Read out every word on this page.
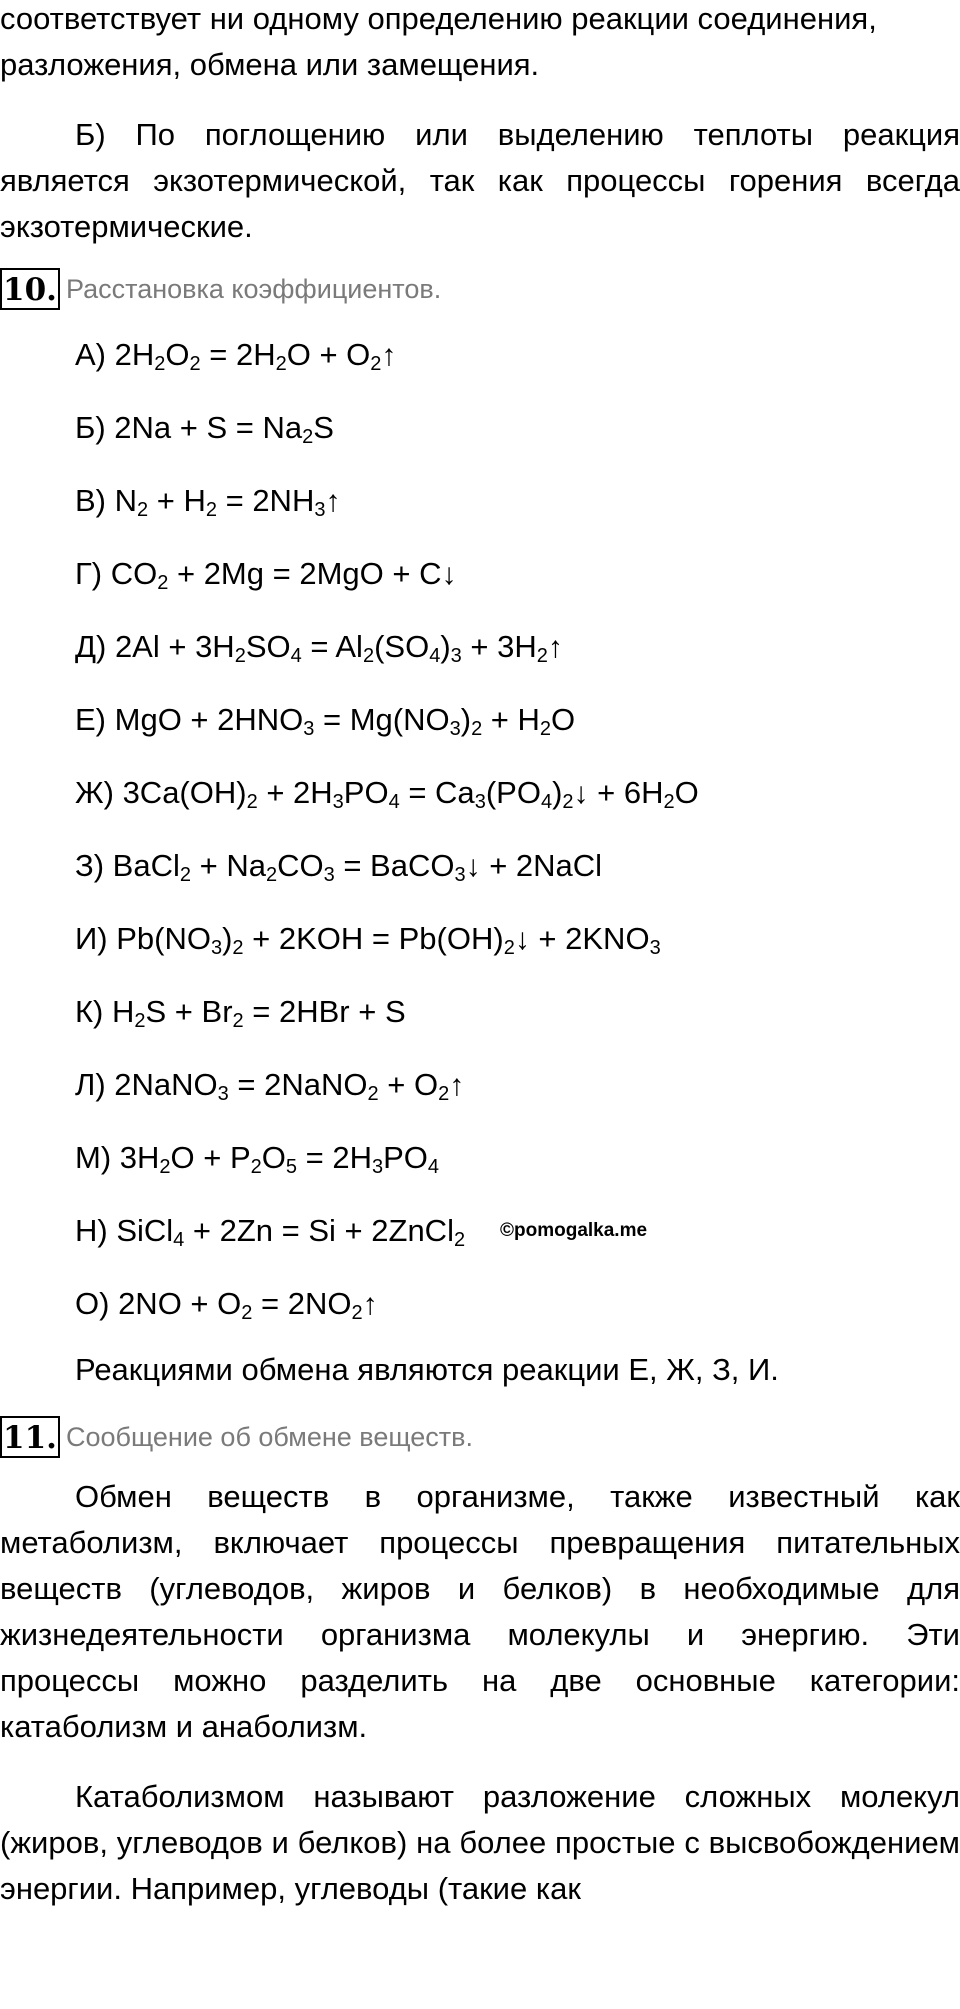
соответствует ни одному определению реакции соединения,
разложения, обмена или замещения.

Б) По поглощению или выделению теплоты реакция является экзотермической, так как процессы горения всегда экзотермические.

10. Расстановка коэффициентов.
А) $2H_2O_2 = 2H_2O$ + $O_2↑$
Б) $2Na + S = Na_2S$
В) $N_2 + H_2$ = $2NH_3↑$
Г) $CO_2 + 2Mg = 2MgO$ + C↓
Д) $2Al + 3H_2SO_4 = Al_2(SO_4)_3$ + $3H_2↑$
Е) MgO + $2HNO_3 = Mg(NO_3)_2 + H_2O$
Ж) $3Ca(OH)_2 + 2H_3PO_4$ = $Ca_3(PO_4)_2↓ + 6H_2O$
З) BaCl$_2$ + $Na_2CO_3$ = BaCO$_3$↓ + 2NaCl
И) $Pb(NO_3)_2 + 2KOH$ = $Pb(OH)_2↓ + 2KNO_3$
К) $H_2S + Br_2 = 2HBr + S$
Л) 2NaNO$_3$ = 2NaNO$_2$ + $O_2↑$
М) $3H_2O + P_2O_5 = 2H_3PO_4$
Н) SiCl$_4$ + 2Zn = Si + 2ZnCl$_2$ ©pomogalka.me
О) $2NO + O_2$ = $2NO_2↑$
Реакциями обмена являются реакции Е, Ж, З, И.
11. Сообщение об обмене веществ.

Обмен веществ в организме, также известный как метаболизм, включает процессы превращения питательных веществ (углеводов, жиров и белков) в необходимые для жизнедеятельности организма молекулы и энергию. Эти процессы можно разделить на две основные категории: катаболизм и анаболизм.

Катаболизмом называют разложение сложных молекул (жиров, углеводов и белков) на более простые с высвобождением энергии. Например, углеводы (такие как
